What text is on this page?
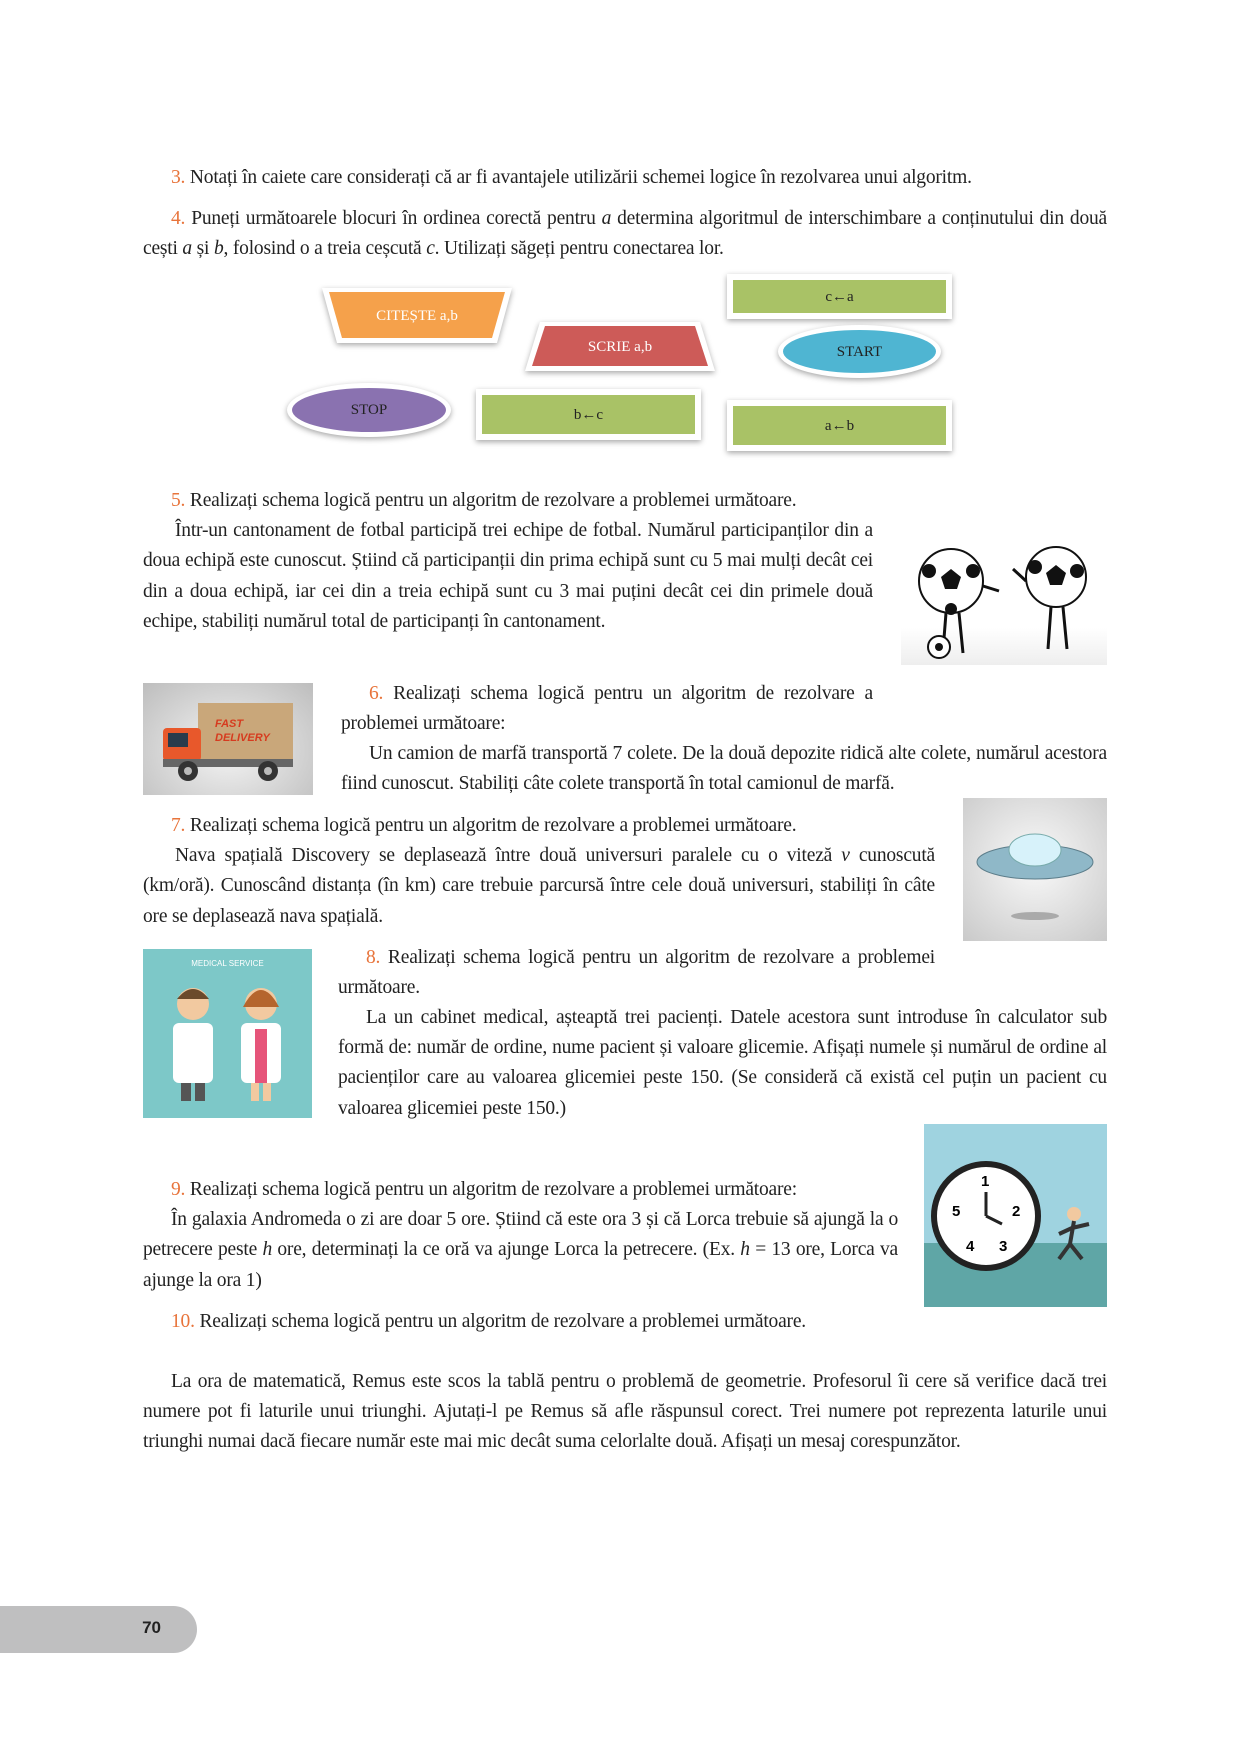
3. Notați în caiete care considerați că ar fi avantajele utilizării schemei logice în rezolvarea unui algoritm.
4. Puneți următoarele blocuri în ordinea corectă pentru a determina algoritmul de interschimbare a conținutului din două cești a și b, folosind o a treia ceșcută c. Utilizați săgeți pentru conectarea lor.
CITEȘTE a,b
SCRIE a,b
c←a
START
STOP	b←c
a←b
5. Realizați schema logică pentru un algoritm de rezolvare a problemei următoare.
Într-un cantonament de fotbal participă trei echipe de fotbal. Numărul participanților din a doua echipă este cunoscut. Știind că participanții din prima echipă sunt cu 5 mai mulți decât cei din a doua echipă, iar cei din a treia echipă sunt cu 3 mai puțini decât cei din primele două echipe, stabiliți numărul total de participanți în cantonament.
FAST DELIVERY
6. Realizați schema logică pentru un algoritm de rezolvare a problemei următoare:
Un camion de marfă transportă 7 colete. De la două depozite ridică alte colete, numărul acestora fiind cunoscut. Stabiliți câte colete transportă în total camionul de marfă.
7. Realizați schema logică pentru un algoritm de rezolvare a problemei următoare.
Nava spațială Discovery se deplasează între două universuri paralele cu o viteză v cunoscută (km/oră). Cunoscând distanța (în km) care trebuie parcursă între cele două universuri, stabiliți în câte ore se deplasează nava spațială.
MEDICAL SERVICE	8. Realizați schema logică pentru un algoritm de rezolvare a problemei următoare.
La un cabinet medical, așteaptă trei pacienți. Datele acestora sunt introduse în calculator sub formă de: număr de ordine, nume pacient și valoare glicemie. Afișați numele și numărul de ordine al pacienților care au valoarea glicemiei peste 150. (Se consideră că există cel puțin un pacient cu valoarea glicemiei peste 150.)
9. Realizați schema logică pentru un algoritm de rezolvare a problemei următoare:
În galaxia Andromeda o zi are doar 5 ore. Știind că este ora 3 și că Lorca trebuie să ajungă la o petrecere peste h ore, determinați la ce oră va ajunge Lorca la petrecere. (Ex. h = 13 ore, Lorca va ajunge la ora 1)
1
2
3
4
5
10. Realizați schema logică pentru un algoritm de rezolvare a problemei următoare.
La ora de matematică, Remus este scos la tablă pentru o problemă de geometrie. Profesorul îi cere să verifice dacă trei numere pot fi laturile unui triunghi. Ajutați-l pe Remus să afle răspunsul corect. Trei numere pot reprezenta laturile unui triunghi numai dacă fiecare număr este mai mic decât suma celorlalte două. Afișați un mesaj corespunzător.
70
